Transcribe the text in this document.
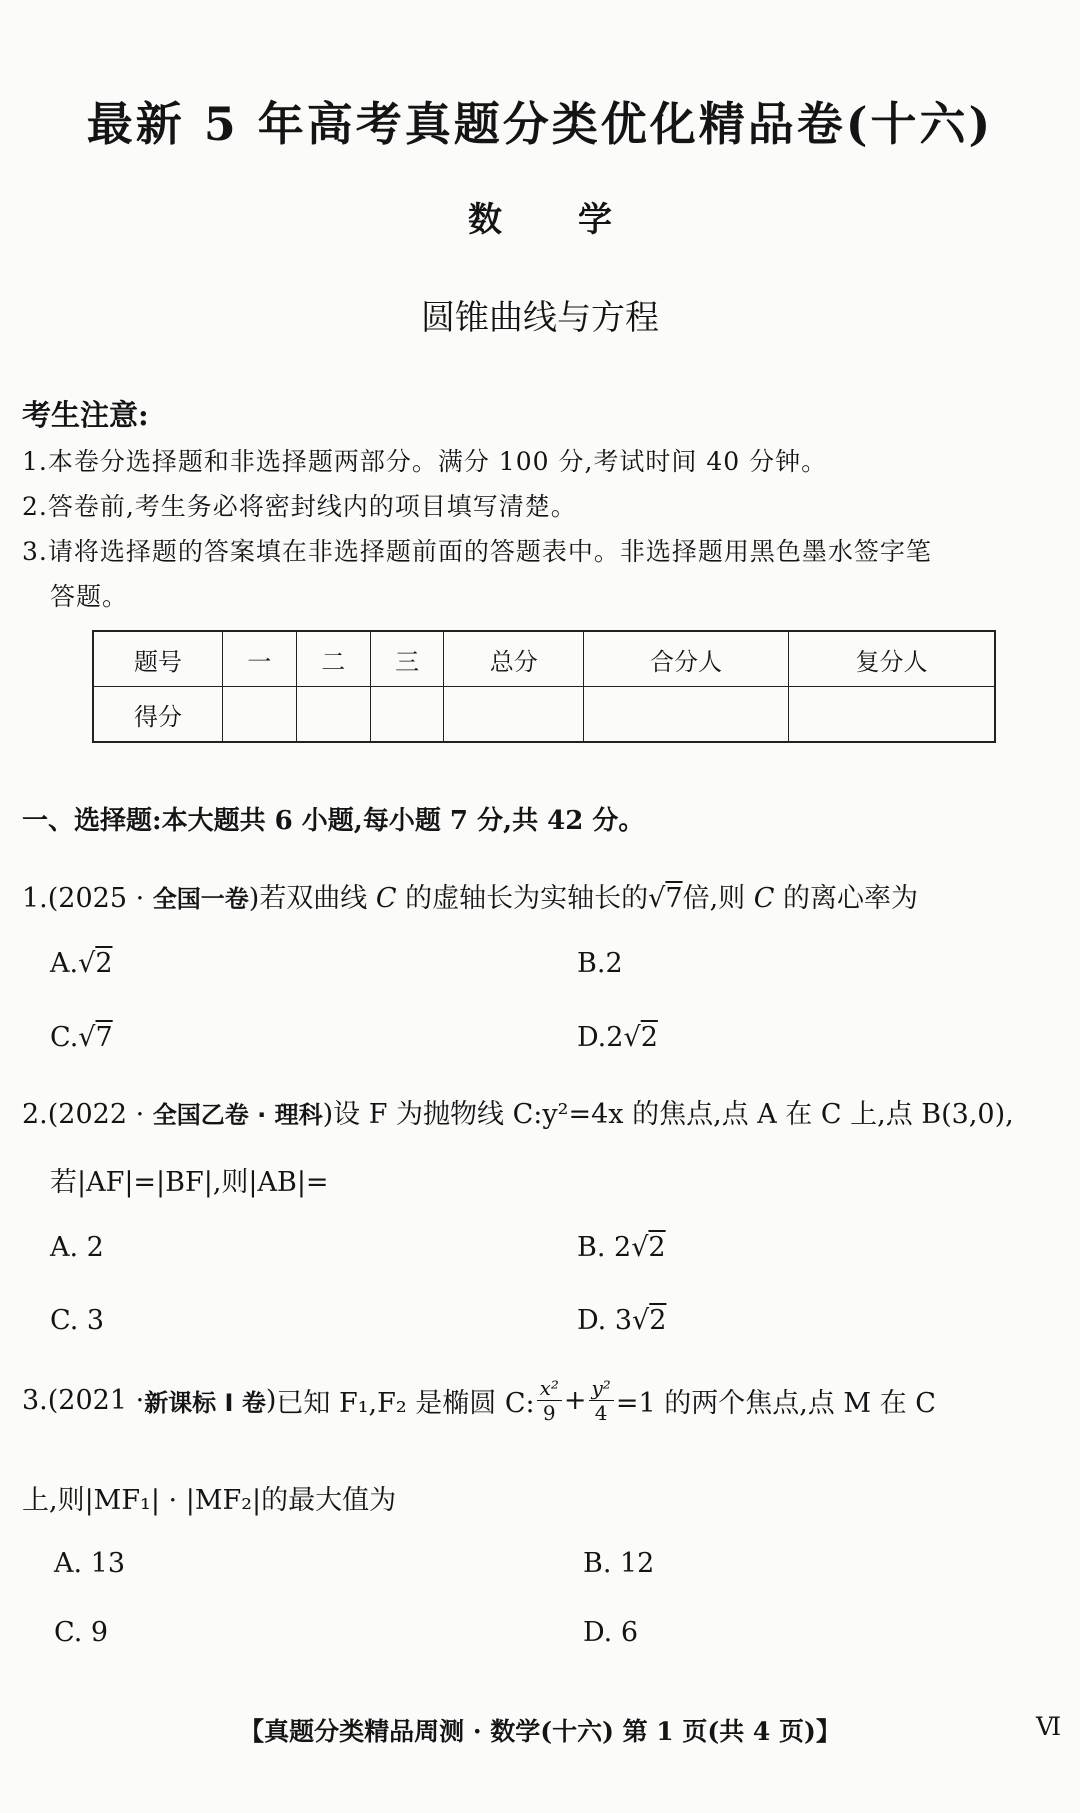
最新 5 年高考真题分类优化精品卷(十六)
数 学
圆锥曲线与方程
考生注意:
1.本卷分选择题和非选择题两部分。满分 100 分,考试时间 40 分钟。
2.答卷前,考生务必将密封线内的项目填写清楚。
3.请将选择题的答案填在非选择题前面的答题表中。非选择题用黑色墨水签字笔
答题。
题号	一	二	三	总分	合分人	复分人
得分						
一、选择题:本大题共 6 小题,每小题 7 分,共 42 分。
1.(2025 · 全国一卷)若双曲线 C 的虚轴长为实轴长的√7倍,则 C 的离心率为
A.√2	B.2
C.√7	D.2√2
2.(2022 · 全国乙卷 · 理科)设 F 为抛物线 C:y²=4x 的焦点,点 A 在 C 上,点 B(3,0),
若|AF|=|BF|,则|AB|=
A. 2	B. 2√2
C. 3	D. 3√2
3. (2021 · 新课标 Ⅰ 卷 ) 已知 F₁,F₂ 是椭圆 C: $\frac{\text{x²}}{9} + \frac{\text{y²}}{4} =1$ 的两个焦点,点 M 在 C
上,则|MF₁| · |MF₂|的最大值为
A. 13	B. 12
C. 9	D. 6
【真题分类精品周测 · 数学(十六) 第 1 页(共 4 页)】	Ⅵ
